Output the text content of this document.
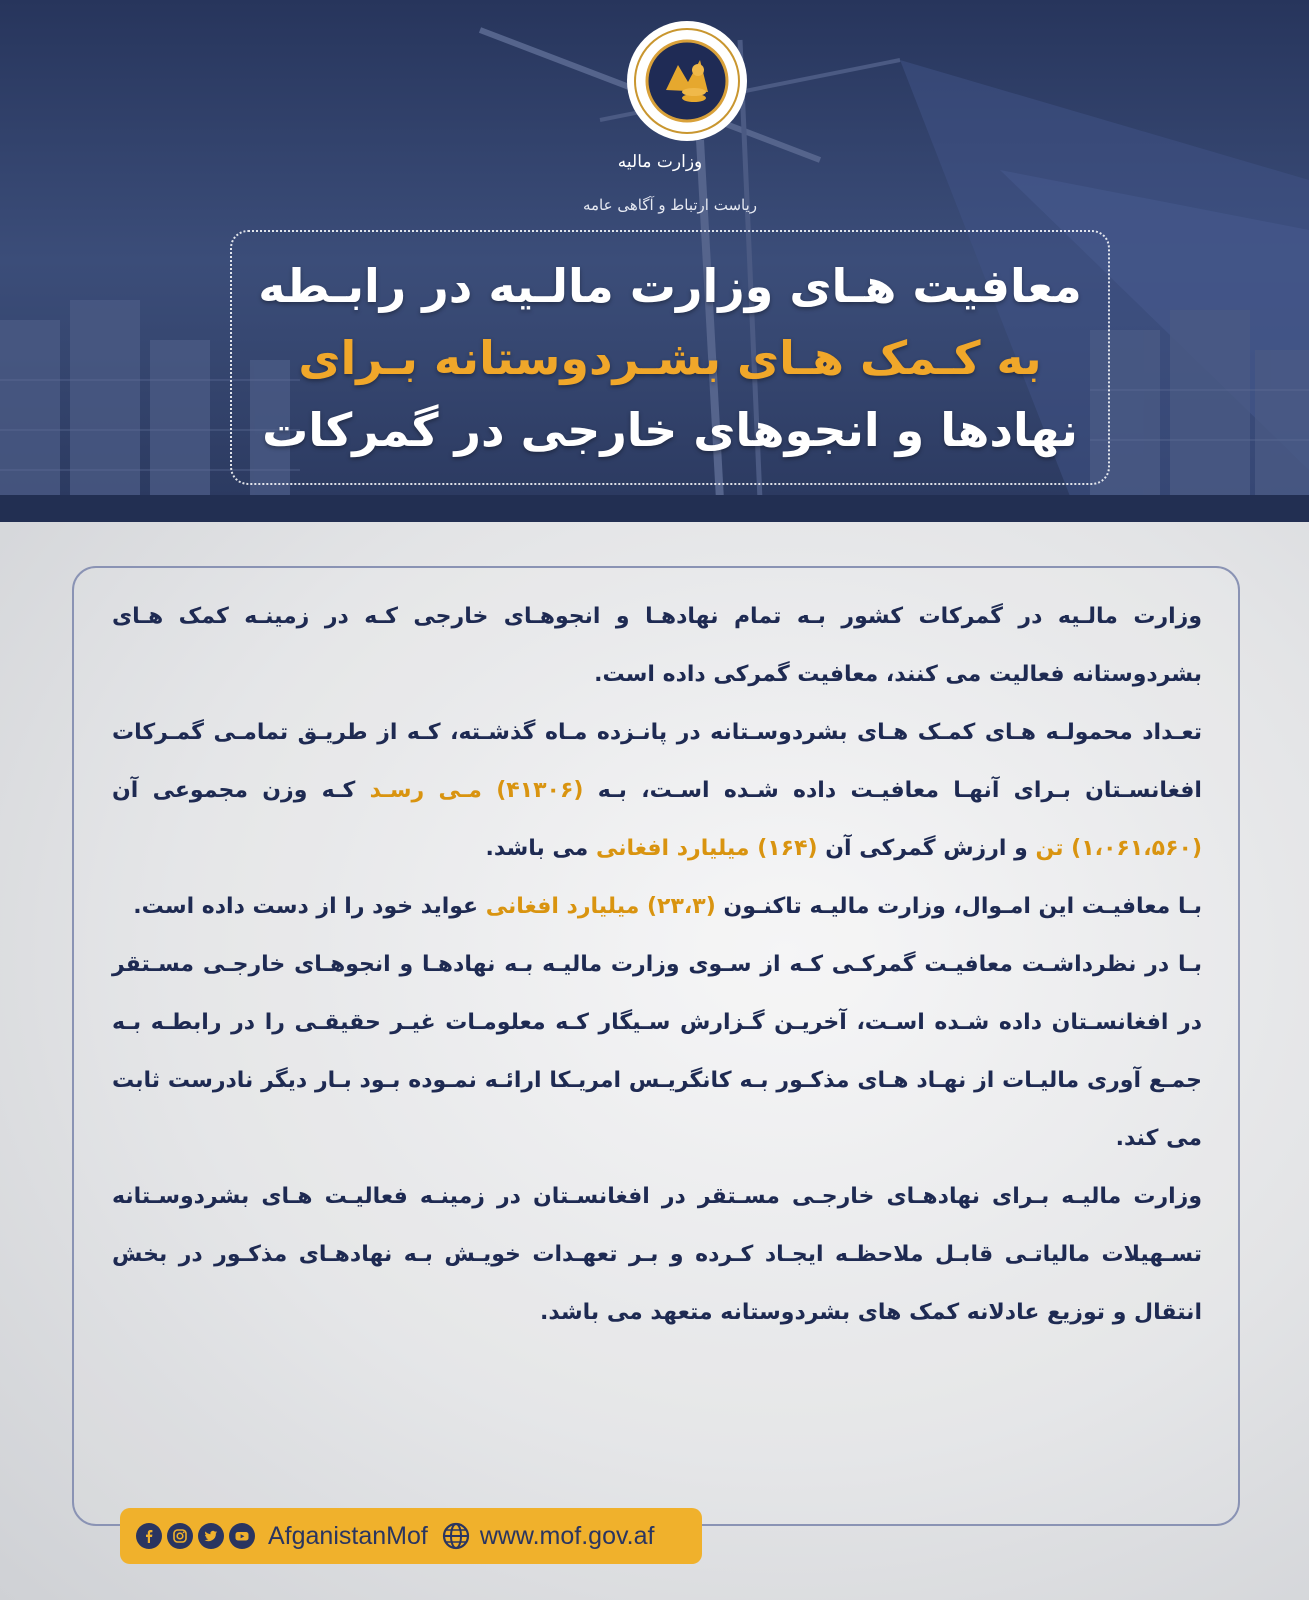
وزارت مالیه
ریاست ارتباط و آگاهی عامه
معافیت هـای وزارت مالـیه در رابـطه
به کـمک هـای بشـردوستانه بـرای
نهادها و انجوهای خارجی در گمرکات

وزارت مالـیه در گمرکات کشور بـه تمام نهادهـا و انجوهـای خارجی کـه در زمینـه کمک هـای بشردوستانه فعالیت می کنند، معافیت گمرکی داده است.

تعـداد محمولـه هـای کمـک هـای بشردوسـتانه در پانـزده مـاه گذشـته، کـه از طریـق تمامـی گمـرکات افغانسـتان بـرای آنهـا معافیـت داده شـده اسـت، بـه (۴۱۳۰۶) مـی رسـد کـه وزن مجموعی آن (۱،۰۶۱،۵۶۰) تن و ارزش گمرکی آن (۱۶۴) میلیارد افغانی می باشد.

بـا معافیـت این امـوال، وزارت مالیـه تاکنـون (۲۳،۳) میلیارد افغانی عواید خود را از دست داده است.

بـا در نظرداشـت معافیـت گمرکـی کـه از سـوی وزارت مالیـه بـه نهادهـا و انجوهـای خارجـی مسـتقر در افغانسـتان داده شـده اسـت، آخریـن گـزارش سـیگار کـه معلومـات غیـر حقیقـی را در رابطـه بـه جمـع آوری مالیـات از نهـاد هـای مذکـور بـه کانگریـس امریـکا ارائـه نمـوده بـود بـار دیگر نادرست ثابت می کند.

وزارت مالیـه بـرای نهادهـای خارجـی مسـتقر در افغانسـتان در زمینـه فعالیـت هـای بشردوسـتانه تسـهیلات مالیاتـی قابـل ملاحظـه ایجـاد کـرده و بـر تعهـدات خویـش بـه نهادهـای مذکـور در بخش انتقال و توزیع عادلانه کمک های بشردوستانه متعهد می باشد.

AfganistanMof www.mof.gov.af
